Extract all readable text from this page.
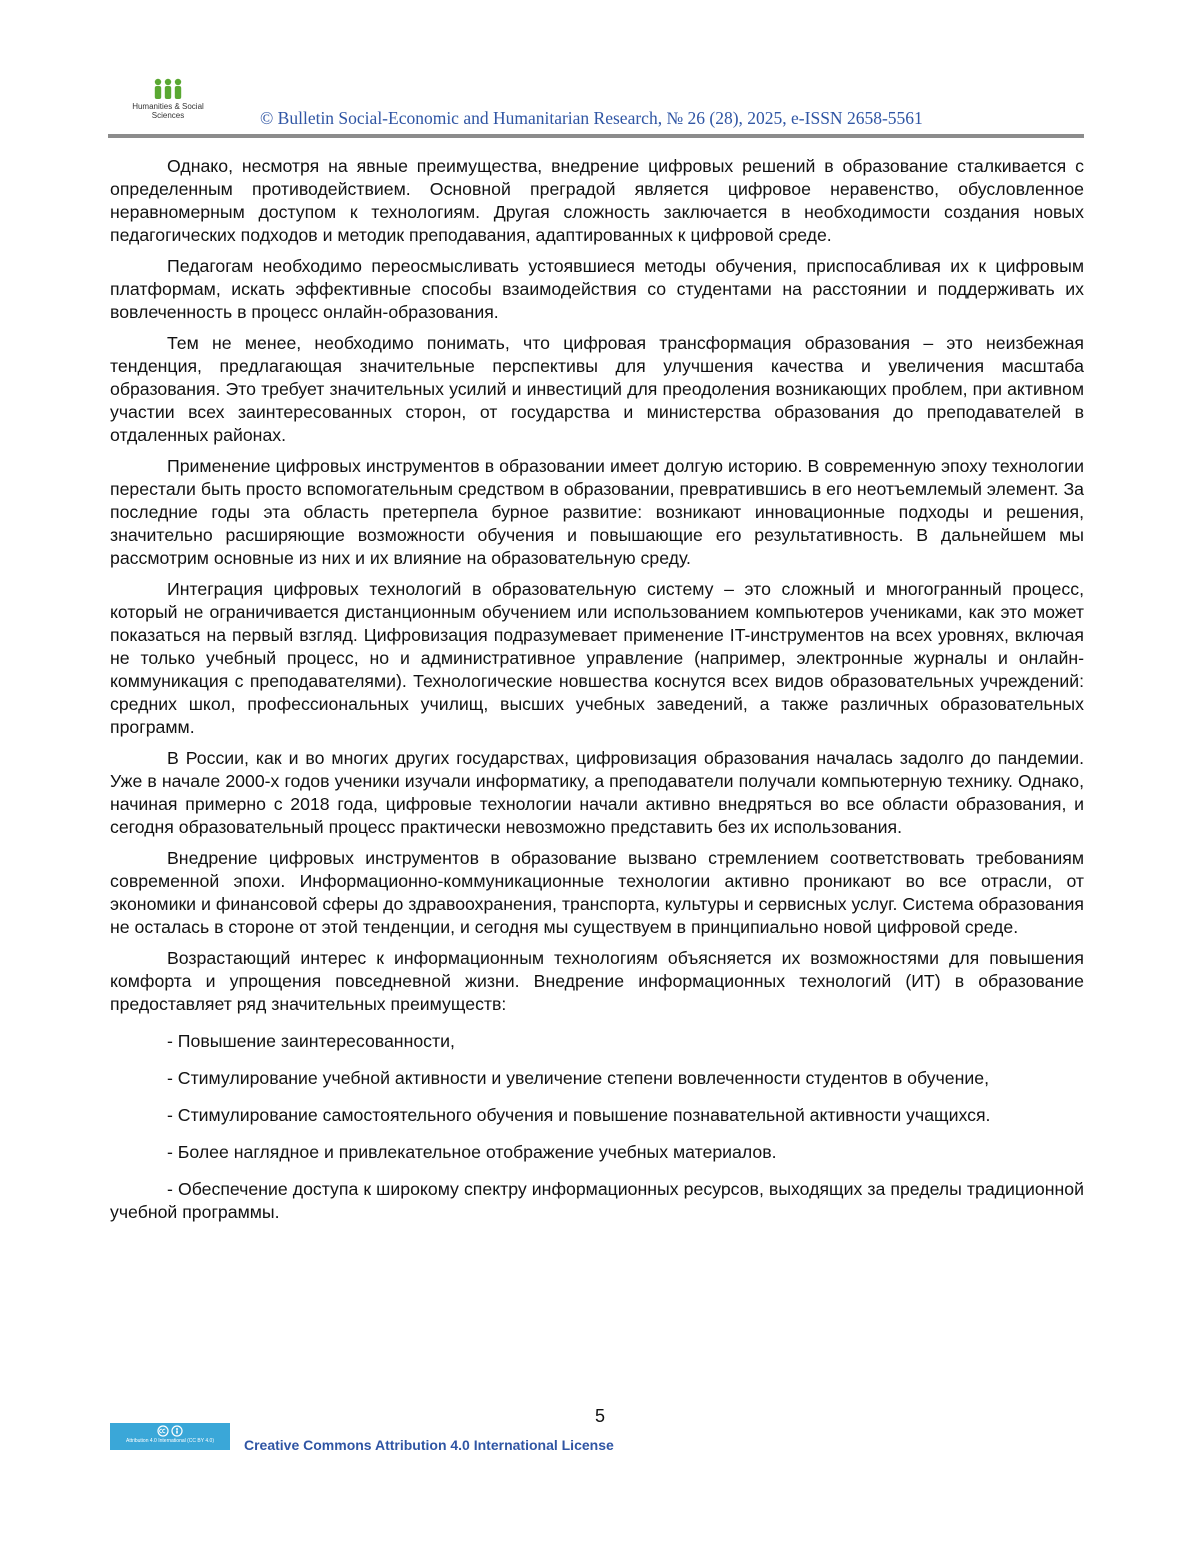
Humanities & Social
Sciences	© Bulletin Social-Economic and Humanitarian Research, № 26 (28), 2025, e-ISSN 2658-5561

Однако, несмотря на явные преимущества, внедрение цифровых решений в образование сталкивается с определенным противодействием. Основной преградой является цифровое неравенство, обусловленное неравномерным доступом к технологиям. Другая сложность заключается в необходимости создания новых педагогических подходов и методик преподавания, адаптированных к цифровой среде.

Педагогам необходимо переосмысливать устоявшиеся методы обучения, приспосабливая их к цифровым платформам, искать эффективные способы взаимодействия со студентами на расстоянии и поддерживать их вовлеченность в процесс онлайн-образования.

Тем не менее, необходимо понимать, что цифровая трансформация образования – это неизбежная тенденция, предлагающая значительные перспективы для улучшения качества и увеличения масштаба образования. Это требует значительных усилий и инвестиций для преодоления возникающих проблем, при активном участии всех заинтересованных сторон, от государства и министерства образования до преподавателей в отдаленных районах.

Применение цифровых инструментов в образовании имеет долгую историю. В современную эпоху технологии перестали быть просто вспомогательным средством в образовании, превратившись в его неотъемлемый элемент. За последние годы эта область претерпела бурное развитие: возникают инновационные подходы и решения, значительно расширяющие возможности обучения и повышающие его результативность. В дальнейшем мы рассмотрим основные из них и их влияние на образовательную среду.

Интеграция цифровых технологий в образовательную систему – это сложный и многогранный процесс, который не ограничивается дистанционным обучением или использованием компьютеров учениками, как это может показаться на первый взгляд. Цифровизация подразумевает применение IT-инструментов на всех уровнях, включая не только учебный процесс, но и административное управление (например, электронные журналы и онлайн-коммуникация с преподавателями). Технологические новшества коснутся всех видов образовательных учреждений: средних школ, профессиональных училищ, высших учебных заведений, а также различных образовательных программ.

В России, как и во многих других государствах, цифровизация образования началась задолго до пандемии. Уже в начале 2000-х годов ученики изучали информатику, а преподаватели получали компьютерную технику. Однако, начиная примерно с 2018 года, цифровые технологии начали активно внедряться во все области образования, и сегодня образовательный процесс практически невозможно представить без их использования.

Внедрение цифровых инструментов в образование вызвано стремлением соответствовать требованиям современной эпохи. Информационно-коммуникационные технологии активно проникают во все отрасли, от экономики и финансовой сферы до здравоохранения, транспорта, культуры и сервисных услуг. Система образования не осталась в стороне от этой тенденции, и сегодня мы существуем в принципиально новой цифровой среде.

Возрастающий интерес к информационным технологиям объясняется их возможностями для повышения комфорта и упрощения повседневной жизни. Внедрение информационных технологий (ИТ) в образование предоставляет ряд значительных преимуществ:

- Повышение заинтересованности,

- Стимулирование учебной активности и увеличение степени вовлеченности студентов в обучение,

- Стимулирование самостоятельного обучения и повышение познавательной активности учащихся.

- Более наглядное и привлекательное отображение учебных материалов.

- Обеспечение доступа к широкому спектру информационных ресурсов, выходящих за пределы традиционной учебной программы.

5
Attribution 4.0 International (CC BY 4.0)	Creative Commons Attribution 4.0 International License
